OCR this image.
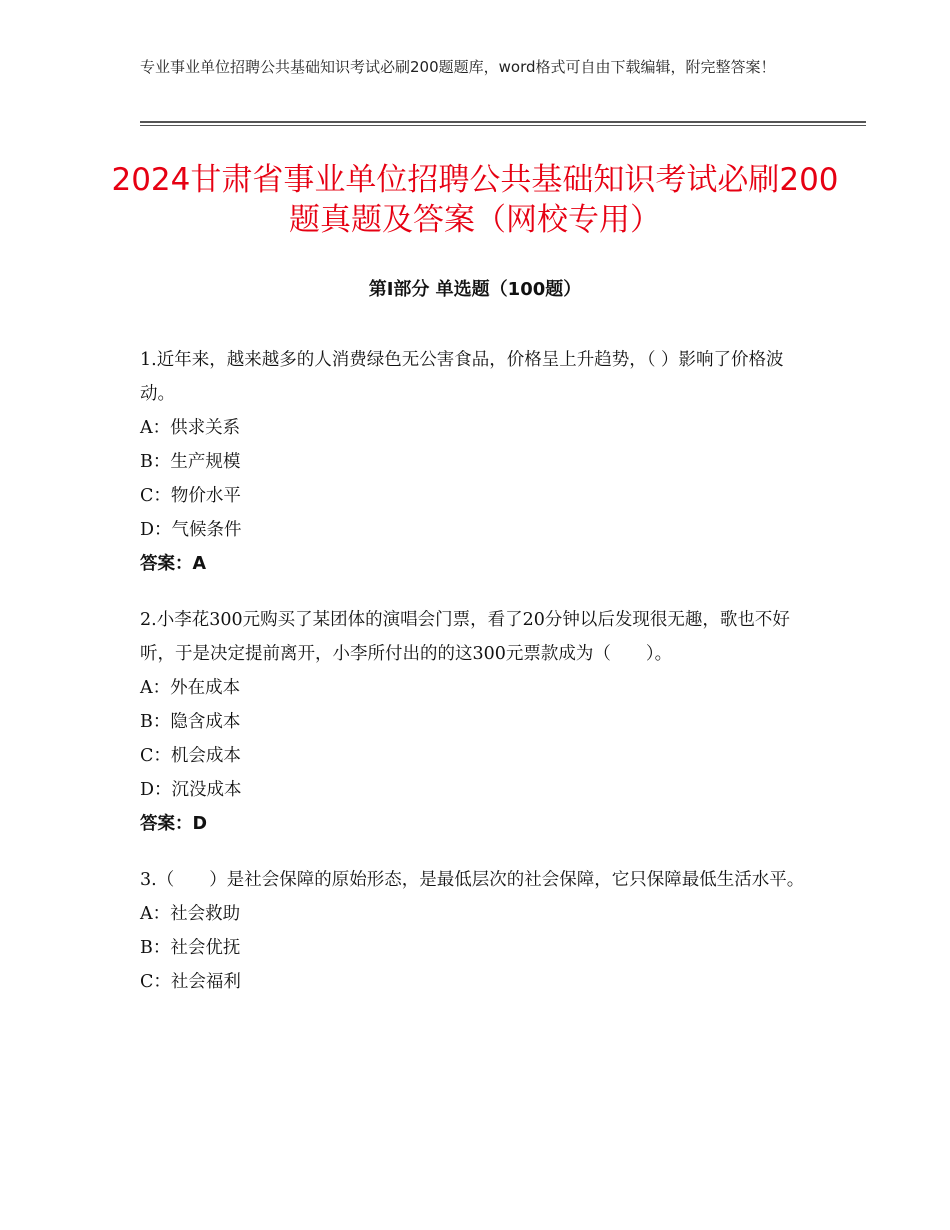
专业事业单位招聘公共基础知识考试必刷200题题库，word格式可自由下载编辑，附完整答案！
2024甘肃省事业单位招聘公共基础知识考试必刷200题真题及答案（网校专用）
第Ⅰ部分 单选题（100题）
1.近年来，越来越多的人消费绿色无公害食品，价格呈上升趋势，（ ）影响了价格波动。
A：供求关系
B：生产规模
C：物价水平
D：气候条件
答案：A
2.小李花300元购买了某团体的演唱会门票，看了20分钟以后发现很无趣，歌也不好听，于是决定提前离开，小李所付出的的这300元票款成为（　　）。
A：外在成本
B：隐含成本
C：机会成本
D：沉没成本
答案：D
3.（　　）是社会保障的原始形态，是最低层次的社会保障，它只保障最低生活水平。
A：社会救助
B：社会优抚
C：社会福利
